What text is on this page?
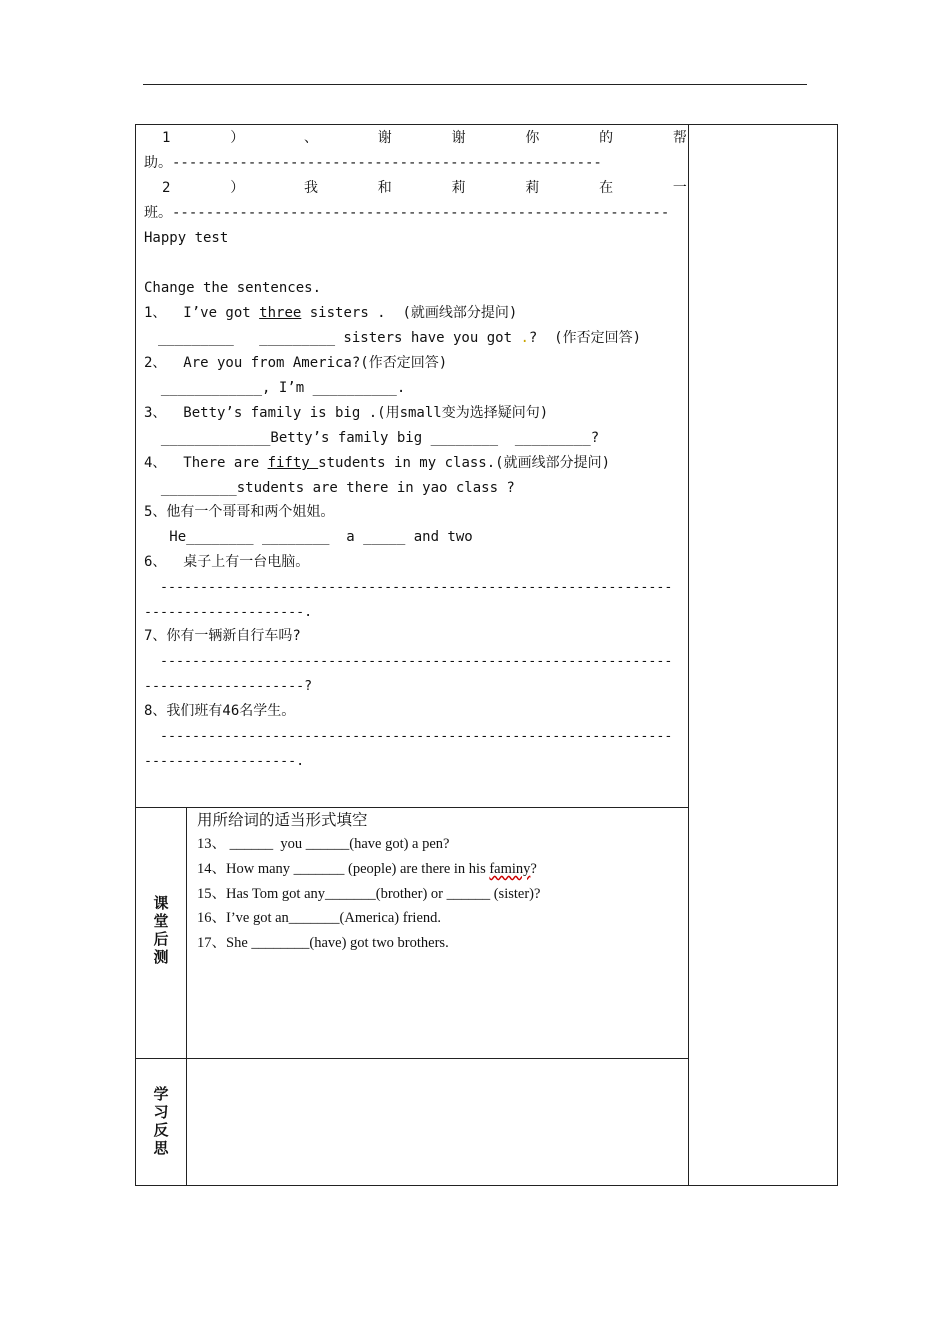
1	）	、	谢	谢	你	的	帮
助。---------------------------------------------------
2	）	我	和	莉	莉	在	一
班。-----------------------------------------------------------
Happy test
Change the sentences.
1、  I’ve got three sisters .  (就画线部分提问)
_________   _________ sisters have you got .?  (作否定回答)
2、  Are you from America?(作否定回答)
____________, I’m __________.
3、  Betty’s family is big .(用small变为选择疑问句)
_____________Betty’s family big ________  _________?
4、  There are fifty students in my class.(就画线部分提问)
_________students are there in yao class ?
5、他有一个哥哥和两个姐姐。
He________ ________  a _____ and two
6、  桌子上有一台电脑。
----------------------------------------------------------------
--------------------.
7、你有一辆新自行车吗?
----------------------------------------------------------------
--------------------?
8、我们班有46名学生。
----------------------------------------------------------------
-------------------.
课
堂
后
测
用所给词的适当形式填空
13、 ______  you ______(have got) a pen?
14、How many _______ (people) are there in his faminy?
15、Has Tom got any_______(brother) or ______ (sister)?
16、I’ve got an_______(America) friend.
17、She ________(have) got two brothers.
学
习
反
思
